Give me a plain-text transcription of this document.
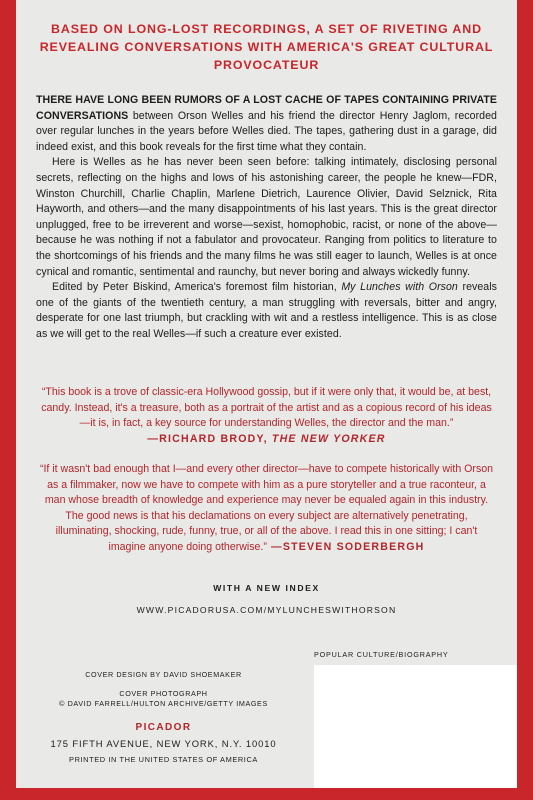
BASED ON LONG-LOST RECORDINGS, A SET OF RIVETING AND REVEALING CONVERSATIONS WITH AMERICA'S GREAT CULTURAL PROVOCATEUR

THERE HAVE LONG BEEN RUMORS OF A LOST CACHE OF TAPES CONTAINING PRIVATE CONVERSATIONS between Orson Welles and his friend the director Henry Jaglom, recorded over regular lunches in the years before Welles died. The tapes, gathering dust in a garage, did indeed exist, and this book reveals for the first time what they contain.

Here is Welles as he has never been seen before: talking intimately, disclosing personal secrets, reflecting on the highs and lows of his astonishing career, the people he knew—FDR, Winston Churchill, Charlie Chaplin, Marlene Dietrich, Laurence Olivier, David Selznick, Rita Hayworth, and others—and the many disappointments of his last years. This is the great director unplugged, free to be irreverent and worse—sexist, homophobic, racist, or none of the above—because he was nothing if not a fabulator and provocateur. Ranging from politics to literature to the shortcomings of his friends and the many films he was still eager to launch, Welles is at once cynical and romantic, sentimental and raunchy, but never boring and always wickedly funny.

Edited by Peter Biskind, America's foremost film historian, My Lunches with Orson reveals one of the giants of the twentieth century, a man struggling with reversals, bitter and angry, desperate for one last triumph, but crackling with wit and a restless intelligence. This is as close as we will get to the real Welles—if such a creature ever existed.

“This book is a trove of classic-era Hollywood gossip, but if it were only that, it would be, at best, candy. Instead, it's a treasure, both as a portrait of the artist and as a copious record of his ideas—it is, in fact, a key source for understanding Welles, the director and the man.”
—RICHARD BRODY, THE NEW YORKER
“If it wasn't bad enough that I—and every other director—have to compete historically with Orson as a filmmaker, now we have to compete with him as a pure storyteller and a true raconteur, a man whose breadth of knowledge and experience may never be equaled again in this industry. The good news is that his declamations on every subject are alternatively penetrating, illuminating, shocking, rude, funny, true, or all of the above. I read this in one sitting; I can't imagine anyone doing otherwise.” —STEVEN SODERBERGH
WITH A NEW INDEX
WWW.PICADORUSA.COM/MYLUNCHESWITHORSON
POPULAR CULTURE/BIOGRAPHY
COVER DESIGN BY DAVID SHOEMAKER
COVER PHOTOGRAPH
© DAVID FARRELL/HULTON ARCHIVE/GETTY IMAGES
PICADOR
175 FIFTH AVENUE, NEW YORK, N.Y. 10010
PRINTED IN THE UNITED STATES OF AMERICA
